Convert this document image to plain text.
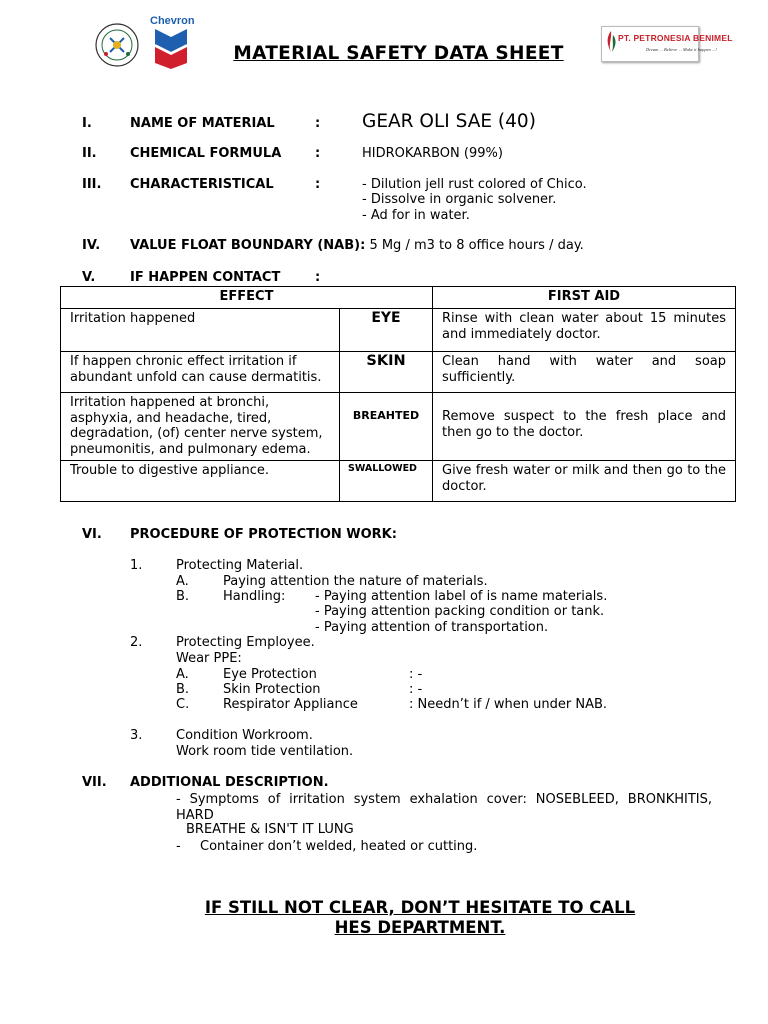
Chevron
PT. PETRONESIA BENIMEL
Dream ... Believe ... Make it happen ...!
MATERIAL SAFETY DATA SHEET
I.	NAME OF MATERIAL	: GEAR OLI SAE (40)
II.	CHEMICAL FORMULA	:	HIDROKARBON (99%)
III. CHARACTERISTICAL	:	- Dilution jell rust colored of Chico.
- Dissolve in organic solvener.
- Ad for in water.
IV. VALUE FLOAT BOUNDARY (NAB): 5 Mg / m3 to 8 office hours / day.
V.	IF HAPPEN CONTACT	:
EFFECT		FIRST AID

Irritation happened	EYE	Rinse with clean water about 15 minutes and immediately doctor.

If happen chronic effect irritation if abundant unfold can cause dermatitis.	SKIN	Clean hand with water and soap sufficiently.

Irritation happened at bronchi, asphyxia, and headache, tired, degradation, (of) center nerve system, pneumonitis, and pulmonary edema.	BREAHTED	Remove suspect to the fresh place and then go to the doctor.

Trouble to digestive appliance.	SWALLOWED	Give fresh water or milk and then go to the doctor.
VI. PROCEDURE OF PROTECTION WORK:
1.	Protecting Material.
A.	Paying attention the nature of materials.
B.	Handling: - Paying attention label of is name materials.
- Paying attention packing condition or tank.
- Paying attention of transportation.
2.	Protecting Employee.
Wear PPE:
A.	Eye Protection	: -
B.	Skin Protection	: -
C.	Respirator Appliance	: Needn’t if / when under NAB.
3.	Condition Workroom.
Work room tide ventilation.
VII. ADDITIONAL DESCRIPTION.
- Symptoms of irritation system exhalation cover: NOSEBLEED, BRONKHITIS, HARD
BREATHE & ISN'T IT LUNG
- Container don’t welded, heated or cutting.
IF STILL NOT CLEAR, DON’T HESITATE TO CALL
HES DEPARTMENT.
